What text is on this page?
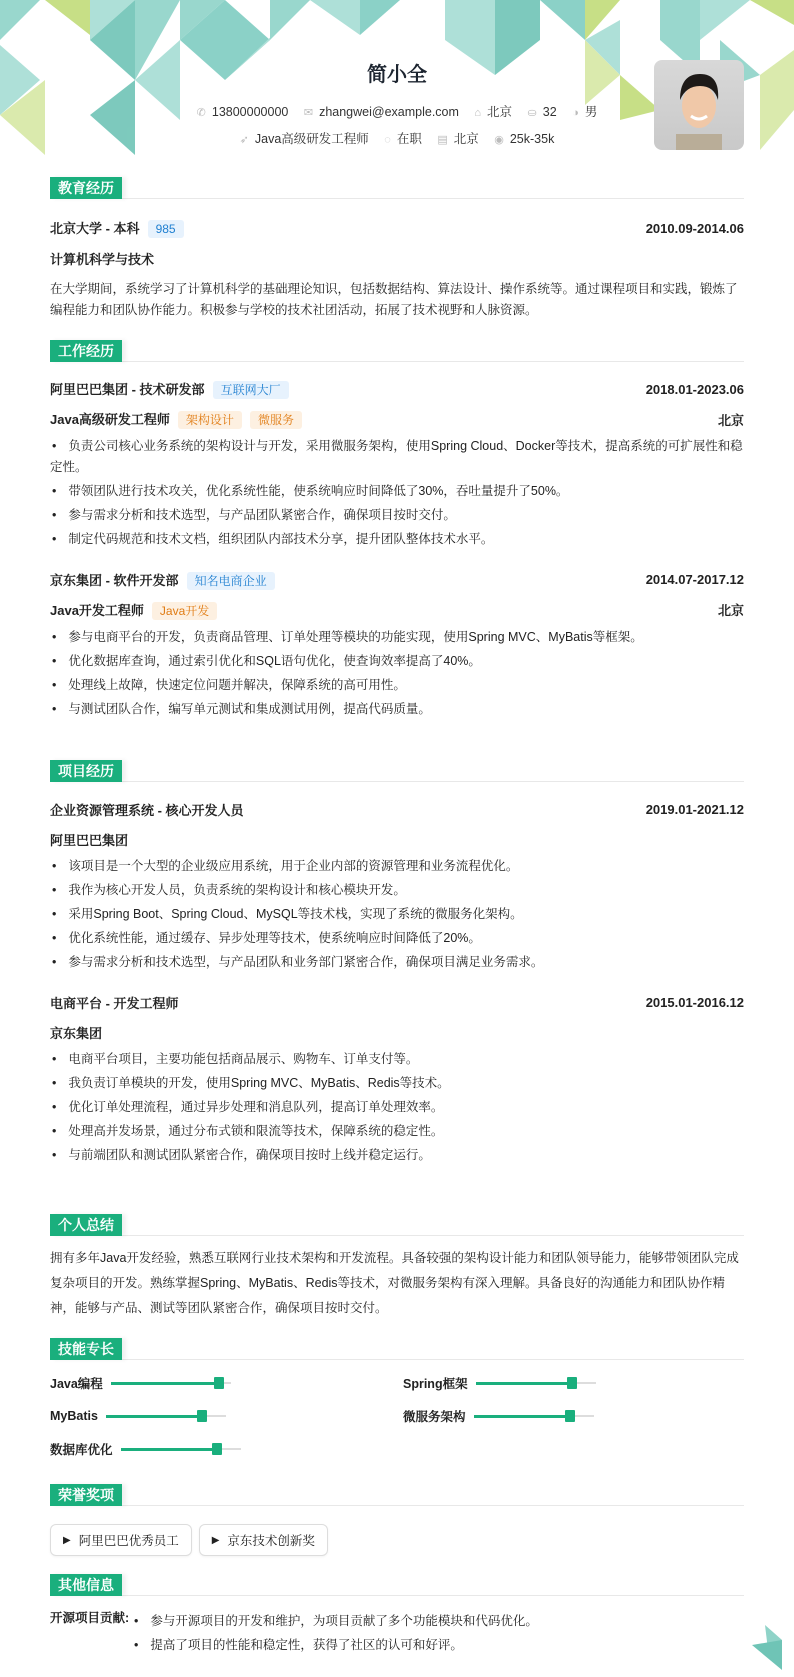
简小全
✆ 13800000000 ✉ zhangwei@example.com ⌂ 北京 ⛀ 32 ◑ 男
➶ Java高级研发工程师 ◌ 在职 ▤ 北京 ◉ 25k-35k
教育经历
北京大学 - 本科 985	2010.09-2014.06
计算机科学与技术

在大学期间，系统学习了计算机科学的基础理论知识，包括数据结构、算法设计、操作系统等。通过课程项目和实践，锻炼了编程能力和团队协作能力。积极参与学校的技术社团活动，拓展了技术视野和人脉资源。

工作经历
阿里巴巴集团 - 技术研发部 互联网大厂	2018.01-2023.06
Java高级研发工程师 架构设计 微服务	北京
• 负责公司核心业务系统的架构设计与开发，采用微服务架构，使用Spring Cloud、Docker等技术，提高系统的可扩展性和稳定性。
• 带领团队进行技术攻关，优化系统性能，使系统响应时间降低了30%，吞吐量提升了50%。
• 参与需求分析和技术选型，与产品团队紧密合作，确保项目按时交付。
• 制定代码规范和技术文档，组织团队内部技术分享，提升团队整体技术水平。
京东集团 - 软件开发部 知名电商企业	2014.07-2017.12
Java开发工程师 Java开发	北京
• 参与电商平台的开发，负责商品管理、订单处理等模块的功能实现，使用Spring MVC、MyBatis等框架。
• 优化数据库查询，通过索引优化和SQL语句优化，使查询效率提高了40%。
• 处理线上故障，快速定位问题并解决，保障系统的高可用性。
• 与测试团队合作，编写单元测试和集成测试用例，提高代码质量。
项目经历
企业资源管理系统 - 核心开发人员	2019.01-2021.12
阿里巴巴集团
• 该项目是一个大型的企业级应用系统，用于企业内部的资源管理和业务流程优化。
• 我作为核心开发人员，负责系统的架构设计和核心模块开发。
• 采用Spring Boot、Spring Cloud、MySQL等技术栈，实现了系统的微服务化架构。
• 优化系统性能，通过缓存、异步处理等技术，使系统响应时间降低了20%。
• 参与需求分析和技术选型，与产品团队和业务部门紧密合作，确保项目满足业务需求。
电商平台 - 开发工程师	2015.01-2016.12
京东集团
• 电商平台项目，主要功能包括商品展示、购物车、订单支付等。
• 我负责订单模块的开发，使用Spring MVC、MyBatis、Redis等技术。
• 优化订单处理流程，通过异步处理和消息队列，提高订单处理效率。
• 处理高并发场景，通过分布式锁和限流等技术，保障系统的稳定性。
• 与前端团队和测试团队紧密合作，确保项目按时上线并稳定运行。
个人总结

拥有多年Java开发经验，熟悉互联网行业技术架构和开发流程。具备较强的架构设计能力和团队领导能力，能够带领团队完成复杂项目的开发。熟练掌握Spring、MyBatis、Redis等技术，对微服务架构有深入理解。具备良好的沟通能力和团队协作精神，能够与产品、测试等团队紧密合作，确保项目按时交付。

技能专长
Java编程	Spring框架
MyBatis	微服务架构
数据库优化
荣誉奖项
▶ 阿里巴巴优秀员工	▶ 京东技术创新奖
其他信息
开源项目贡献:	• 参与开源项目的开发和维护，为项目贡献了多个功能模块和代码优化。
• 提高了项目的性能和稳定性，获得了社区的认可和好评。
